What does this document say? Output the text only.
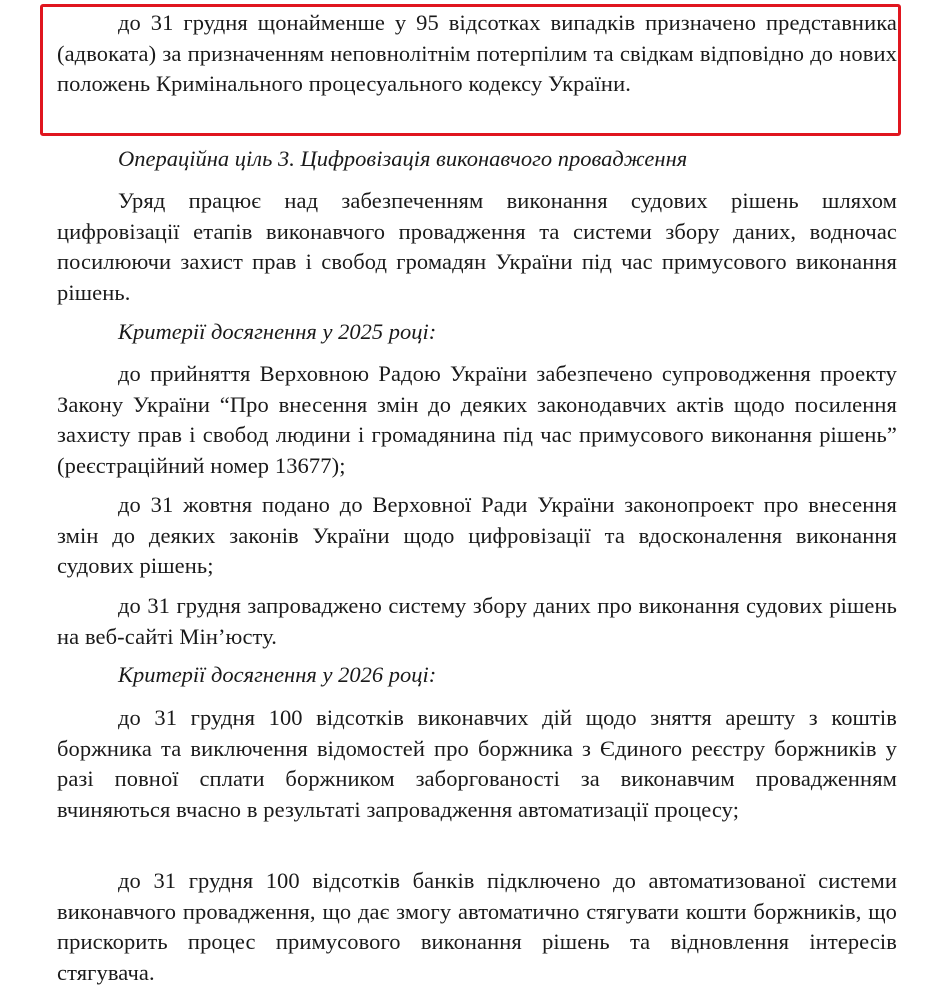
до 31 грудня щонайменше у 95 відсотках випадків призначено представника (адвоката) за призначенням неповнолітнім потерпілим та свідкам відповідно до нових положень Кримінального процесуального кодексу України.

Операційна ціль 3. Цифровізація виконавчого провадження

Уряд працює над забезпеченням виконання судових рішень шляхом цифровізації етапів виконавчого провадження та системи збору даних, водночас посилюючи захист прав і свобод громадян України під час примусового виконання рішень.

Критерії досягнення у 2025 році:

до прийняття Верховною Радою України забезпечено супроводження проекту Закону України “Про внесення змін до деяких законодавчих актів щодо посилення захисту прав і свобод людини і громадянина під час примусового виконання рішень” (реєстраційний номер 13677);

до 31 жовтня подано до Верховної Ради України законопроект про внесення змін до деяких законів України щодо цифровізації та вдосконалення виконання судових рішень;

до 31 грудня запроваджено систему збору даних про виконання судових рішень на веб-сайті Мін’юсту.

Критерії досягнення у 2026 році:

до 31 грудня 100 відсотків виконавчих дій щодо зняття арешту з коштів боржника та виключення відомостей про боржника з Єдиного реєстру боржників у разі повної сплати боржником заборгованості за виконавчим провадженням вчиняються вчасно в результаті запровадження автоматизації процесу;

до 31 грудня 100 відсотків банків підключено до автоматизованої системи виконавчого провадження, що дає змогу автоматично стягувати кошти боржників, що прискорить процес примусового виконання рішень та відновлення інтересів стягувача.
